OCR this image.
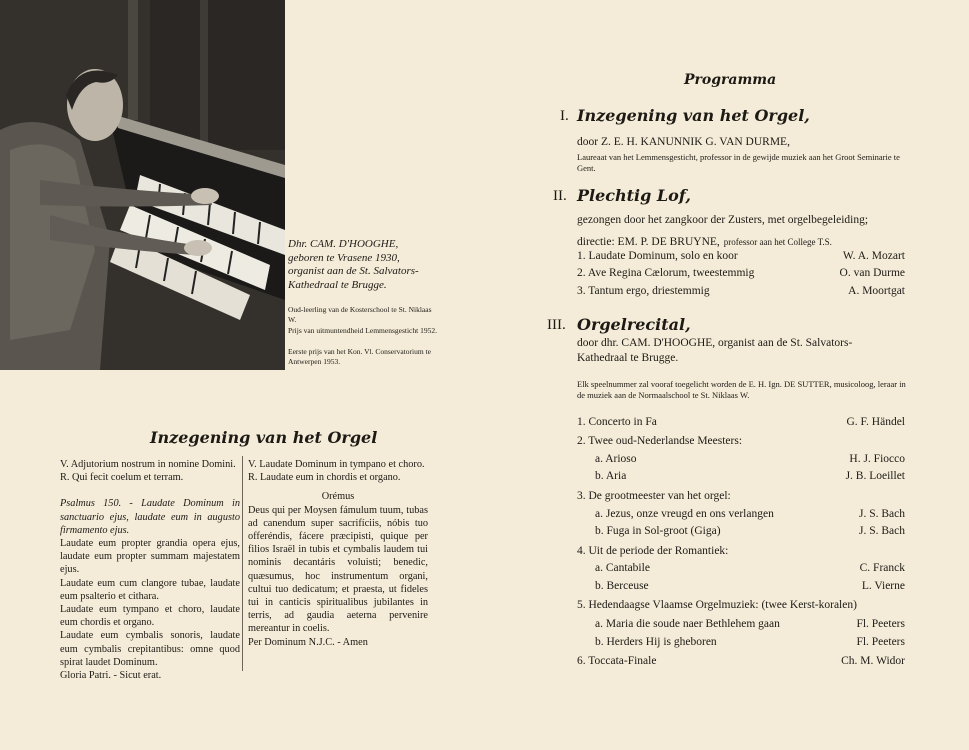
Dhr. CAM. D'HOOGHE,
geboren te Vrasene 1930,
organist aan de St. Salvators-
Kathedraal te Brugge.
Oud-leerling van de Kosterschool te St. Niklaas W.
Prijs van uitmuntendheid Lemmensgesticht 1952.
Eerste prijs van het Kon. Vl. Conservatorium te Antwerpen 1953.
Inzegening van het Orgel

V. Adjutorium nostrum in nomine Domini.

R. Qui fecit coelum et terram.

Psalmus 150. - Laudate Dominum in sanctuario ejus, laudate eum in augusto firmamento ejus.

Laudate eum propter grandia opera ejus, laudate eum propter summam majestatem ejus.

Laudate eum cum clangore tubae, laudate eum psalterio et cithara.

Laudate eum tympano et choro, laudate eum chordis et organo.

Laudate eum cymbalis sonoris, laudate eum cymbalis crepitantibus: omne quod spirat laudet Dominum.

Gloria Patri. - Sicut erat.

V. Laudate Dominum in tympano et choro.

R. Laudate eum in chordis et organo.

Orémus

Deus qui per Moysen fámulum tuum, tubas ad canendum super sacrifíciis, nóbis tuo offeréndis, fácere præcipisti, quique per filios Israël in tubis et cymbalis laudem tui nominis decantáris voluisti; benedic, quæsumus, hoc instrumentum organi, cultui tuo dedicatum; et praesta, ut fideles tui in canticis spiritualibus jubilantes in terris, ad gaudia aeterna pervenire mereantur in coelis.

Per Dominum N.J.C. - Amen

Programma
I. Inzegening van het Orgel,
door Z. E. H. KANUNNIK G. VAN DURME,
Laureaat van het Lemmensgesticht, professor in de gewijde muziek aan het Groot Seminarie te Gent.
II. Plechtig Lof,
gezongen door het zangkoor der Zusters, met orgelbegeleiding;
directie: EM. P. DE BRUYNE, professor aan het College T.S.
1. Laudate Dominum, solo en koor	W. A. Mozart
2. Ave Regina Cælorum, tweestemmig	O. van Durme
3. Tantum ergo, driestemmig	A. Moortgat
III. Orgelrecital,
door dhr. CAM. D'HOOGHE, organist aan de St. Salvators-
Kathedraal te Brugge.
Elk speelnummer zal vooraf toegelicht worden de E. H. Ign. DE SUTTER, musicoloog, leraar in de muziek aan de Normaalschool te St. Niklaas W.
1. Concerto in Fa	G. F. Händel
2. Twee oud-Nederlandse Meesters:
a. Arioso	H. J. Fiocco
b. Aria	J. B. Loeillet
3. De grootmeester van het orgel:
a. Jezus, onze vreugd en ons verlangen	J. S. Bach
b. Fuga in Sol-groot (Giga)	J. S. Bach
4. Uit de periode der Romantiek:
a. Cantabile	C. Franck
b. Berceuse	L. Vierne
5. Hedendaagse Vlaamse Orgelmuziek: (twee Kerst-koralen)
a. Maria die soude naer Bethlehem gaan	Fl. Peeters
b. Herders Hij is gheboren	Fl. Peeters
6. Toccata-Finale	Ch. M. Widor
